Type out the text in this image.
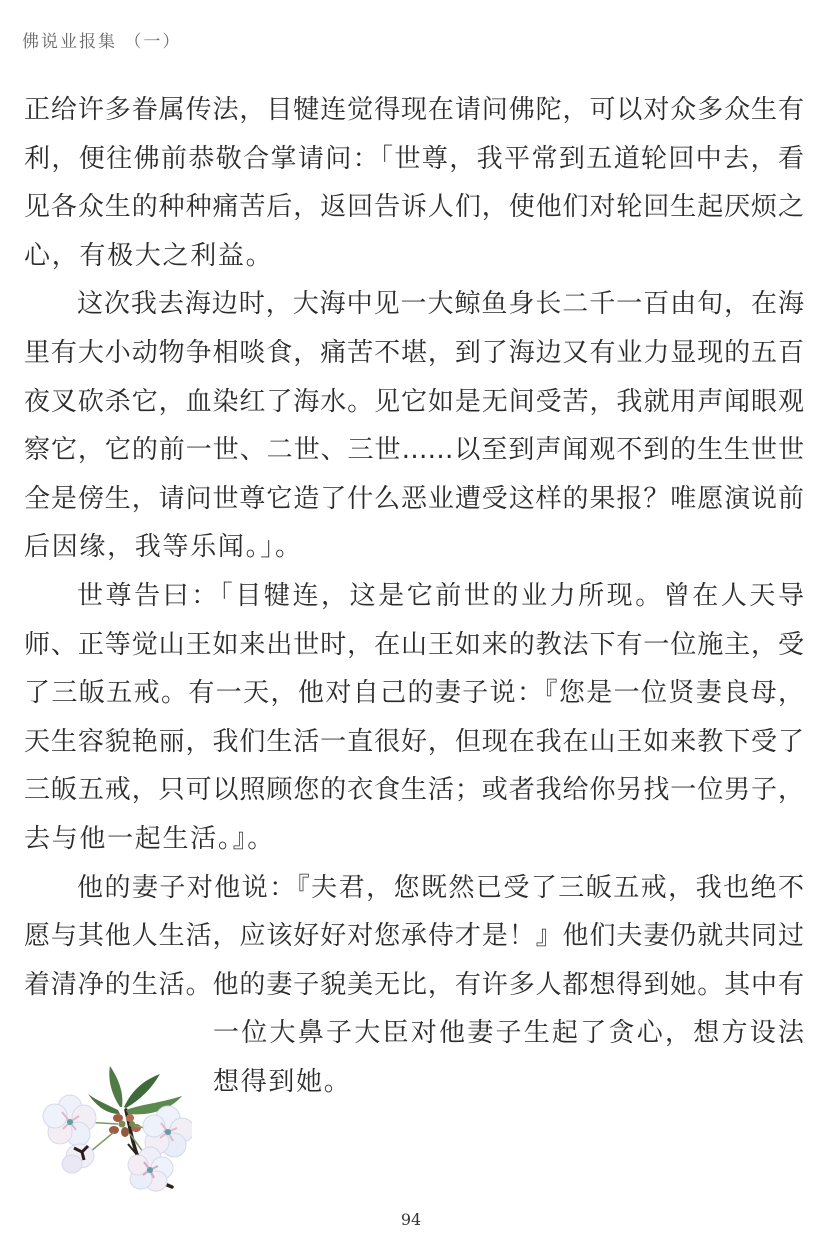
佛说业报集 （一）
正给许多眷属传法，目犍连觉得现在请问佛陀，可以对众多众生有
利，便往佛前恭敬合掌请问：「世尊，我平常到五道轮回中去，看
见各众生的种种痛苦后，返回告诉人们，使他们对轮回生起厌烦之
心，有极大之利益。
这次我去海边时，大海中见一大鲸鱼身长二千一百由旬，在海
里有大小动物争相啖食，痛苦不堪，到了海边又有业力显现的五百
夜叉砍杀它，血染红了海水。见它如是无间受苦，我就用声闻眼观
察它，它的前一世、二世、三世……以至到声闻观不到的生生世世
全是傍生，请问世尊它造了什么恶业遭受这样的果报？唯愿演说前
后因缘，我等乐闻。」。
世尊告曰：「目犍连，这是它前世的业力所现。曾在人天导
师、正等觉山王如来出世时，在山王如来的教法下有一位施主，受
了三皈五戒。有一天，他对自己的妻子说：『您是一位贤妻良母，
天生容貌艳丽，我们生活一直很好，但现在我在山王如来教下受了
三皈五戒，只可以照顾您的衣食生活；或者我给你另找一位男子，
去与他一起生活。』。
他的妻子对他说：『夫君，您既然已受了三皈五戒，我也绝不
愿与其他人生活，应该好好对您承侍才是！』他们夫妻仍就共同过
着清净的生活。他的妻子貌美无比，有许多人都想得到她。其中有
一位大鼻子大臣对他妻子生起了贪心，想方设法
想得到她。
94
